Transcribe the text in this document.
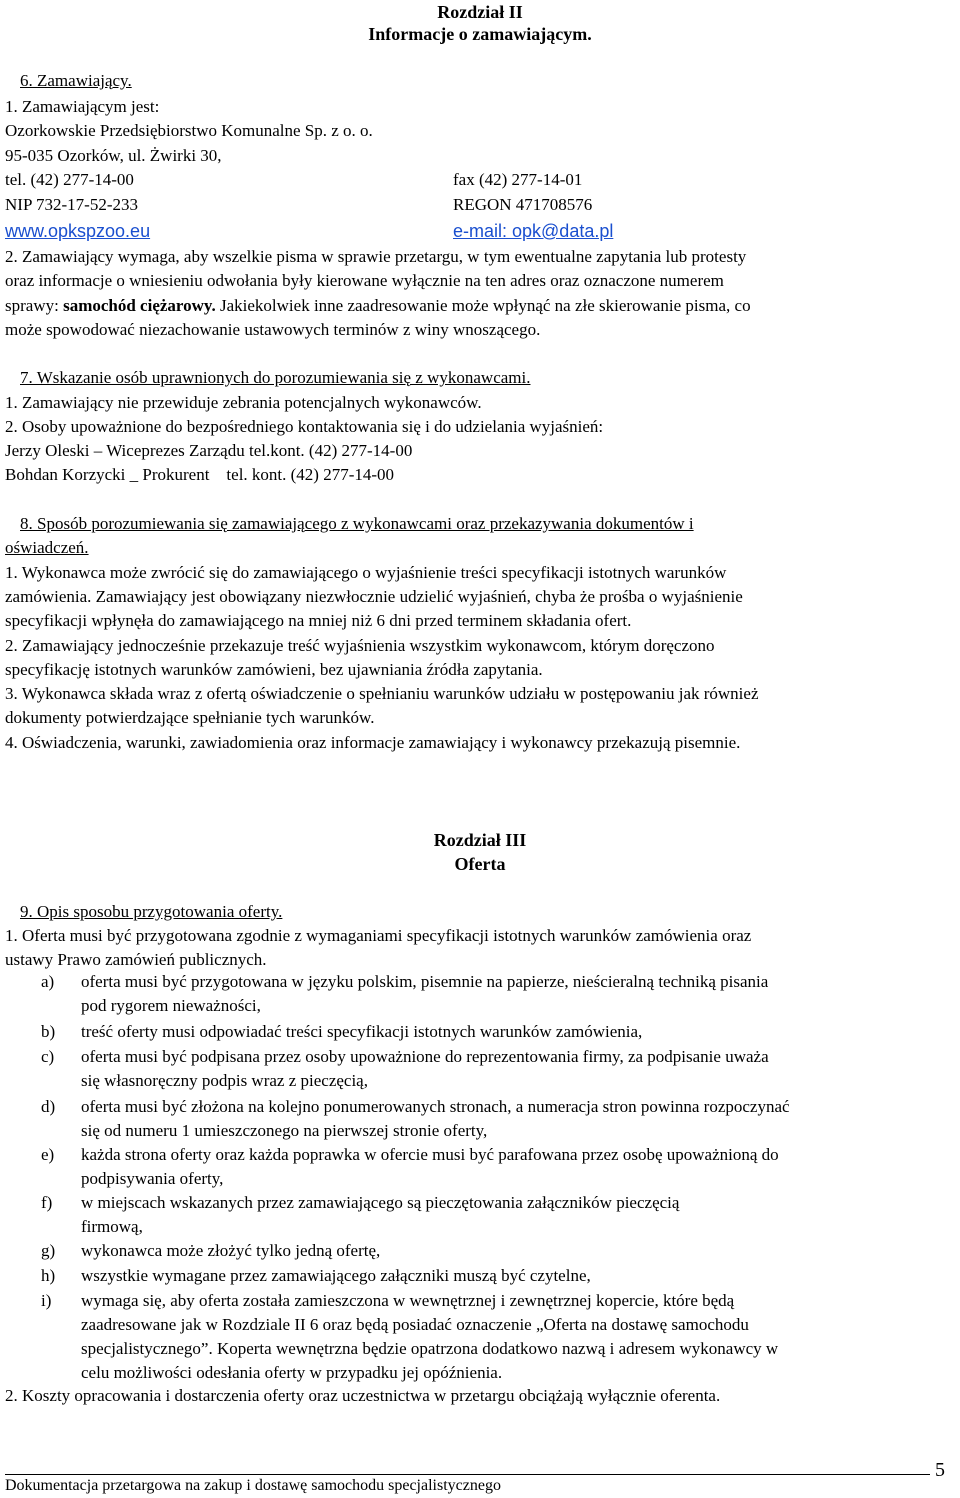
Rozdział II
Informacje o zamawiającym.
6. Zamawiający.
1. Zamawiającym jest:
Ozorkowskie Przedsiębiorstwo Komunalne Sp. z o. o.
95-035 Ozorków, ul. Żwirki 30,
tel. (42) 277-14-00	fax (42) 277-14-01
NIP 732-17-52-233	REGON 471708576
www.opkspzoo.eu	e-mail: opk@data.pl
2. Zamawiający wymaga, aby wszelkie pisma w sprawie przetargu, w tym ewentualne zapytania lub protesty
oraz informacje o wniesieniu odwołania były kierowane wyłącznie na ten adres oraz oznaczone numerem
sprawy: samochód ciężarowy. Jakiekolwiek inne zaadresowanie może wpłynąć na złe skierowanie pisma, co
może spowodować niezachowanie ustawowych terminów z winy wnoszącego.
7. Wskazanie osób uprawnionych do porozumiewania się z wykonawcami.
1. Zamawiający nie przewiduje zebrania potencjalnych wykonawców.
2. Osoby upoważnione do bezpośredniego kontaktowania się i do udzielania wyjaśnień:
Jerzy Oleski – Wiceprezes Zarządu tel.kont. (42) 277-14-00
Bohdan Korzycki _ Prokurent    tel. kont. (42) 277-14-00
8. Sposób porozumiewania się zamawiającego z wykonawcami oraz przekazywania dokumentów i
oświadczeń.
1. Wykonawca może zwrócić się do zamawiającego o wyjaśnienie treści specyfikacji istotnych warunków
zamówienia. Zamawiający jest obowiązany niezwłocznie udzielić wyjaśnień, chyba że prośba o wyjaśnienie
specyfikacji wpłynęła do zamawiającego na mniej niż 6 dni przed terminem składania ofert.
2. Zamawiający jednocześnie przekazuje treść wyjaśnienia wszystkim wykonawcom, którym doręczono
specyfikację istotnych warunków zamówieni, bez ujawniania źródła zapytania.
3. Wykonawca składa wraz z ofertą oświadczenie o spełnianiu warunków udziału w postępowaniu jak również
dokumenty potwierdzające spełnianie tych warunków.
4. Oświadczenia, warunki, zawiadomienia oraz informacje zamawiający i wykonawcy przekazują pisemnie.
Rozdział III
Oferta
9. Opis sposobu przygotowania oferty.
1. Oferta musi być przygotowana zgodnie z wymaganiami specyfikacji istotnych warunków zamówienia oraz
ustawy Prawo zamówień publicznych.
a) oferta musi być przygotowana w języku polskim, pisemnie na papierze, nieścieralną techniką pisania
pod rygorem nieważności,
b) treść oferty musi odpowiadać treści specyfikacji istotnych warunków zamówienia,
c) oferta musi być podpisana przez osoby upoważnione do reprezentowania firmy, za podpisanie uważa
się własnoręczny podpis wraz z pieczęcią,
d) oferta musi być złożona na kolejno ponumerowanych stronach, a numeracja stron powinna rozpoczynać
się od numeru 1 umieszczonego na pierwszej stronie oferty,
e) każda strona oferty oraz każda poprawka w ofercie musi być parafowana przez osobę upoważnioną do
podpisywania oferty,
f) w miejscach wskazanych przez zamawiającego są pieczętowania załączników pieczęcią
firmową,
g) wykonawca może złożyć tylko jedną ofertę,
h) wszystkie wymagane przez zamawiającego załączniki muszą być czytelne,
i) wymaga się, aby oferta została zamieszczona w wewnętrznej i zewnętrznej kopercie, które będą
zaadresowane jak w Rozdziale II 6 oraz będą posiadać oznaczenie „Oferta na dostawę samochodu
specjalistycznego”. Koperta wewnętrzna będzie opatrzona dodatkowo nazwą i adresem wykonawcy w
celu możliwości odesłania oferty w przypadku jej opóźnienia.
2. Koszty opracowania i dostarczenia oferty oraz uczestnictwa w przetargu obciążają wyłącznie oferenta.
5
Dokumentacja przetargowa na zakup i dostawę samochodu specjalistycznego
